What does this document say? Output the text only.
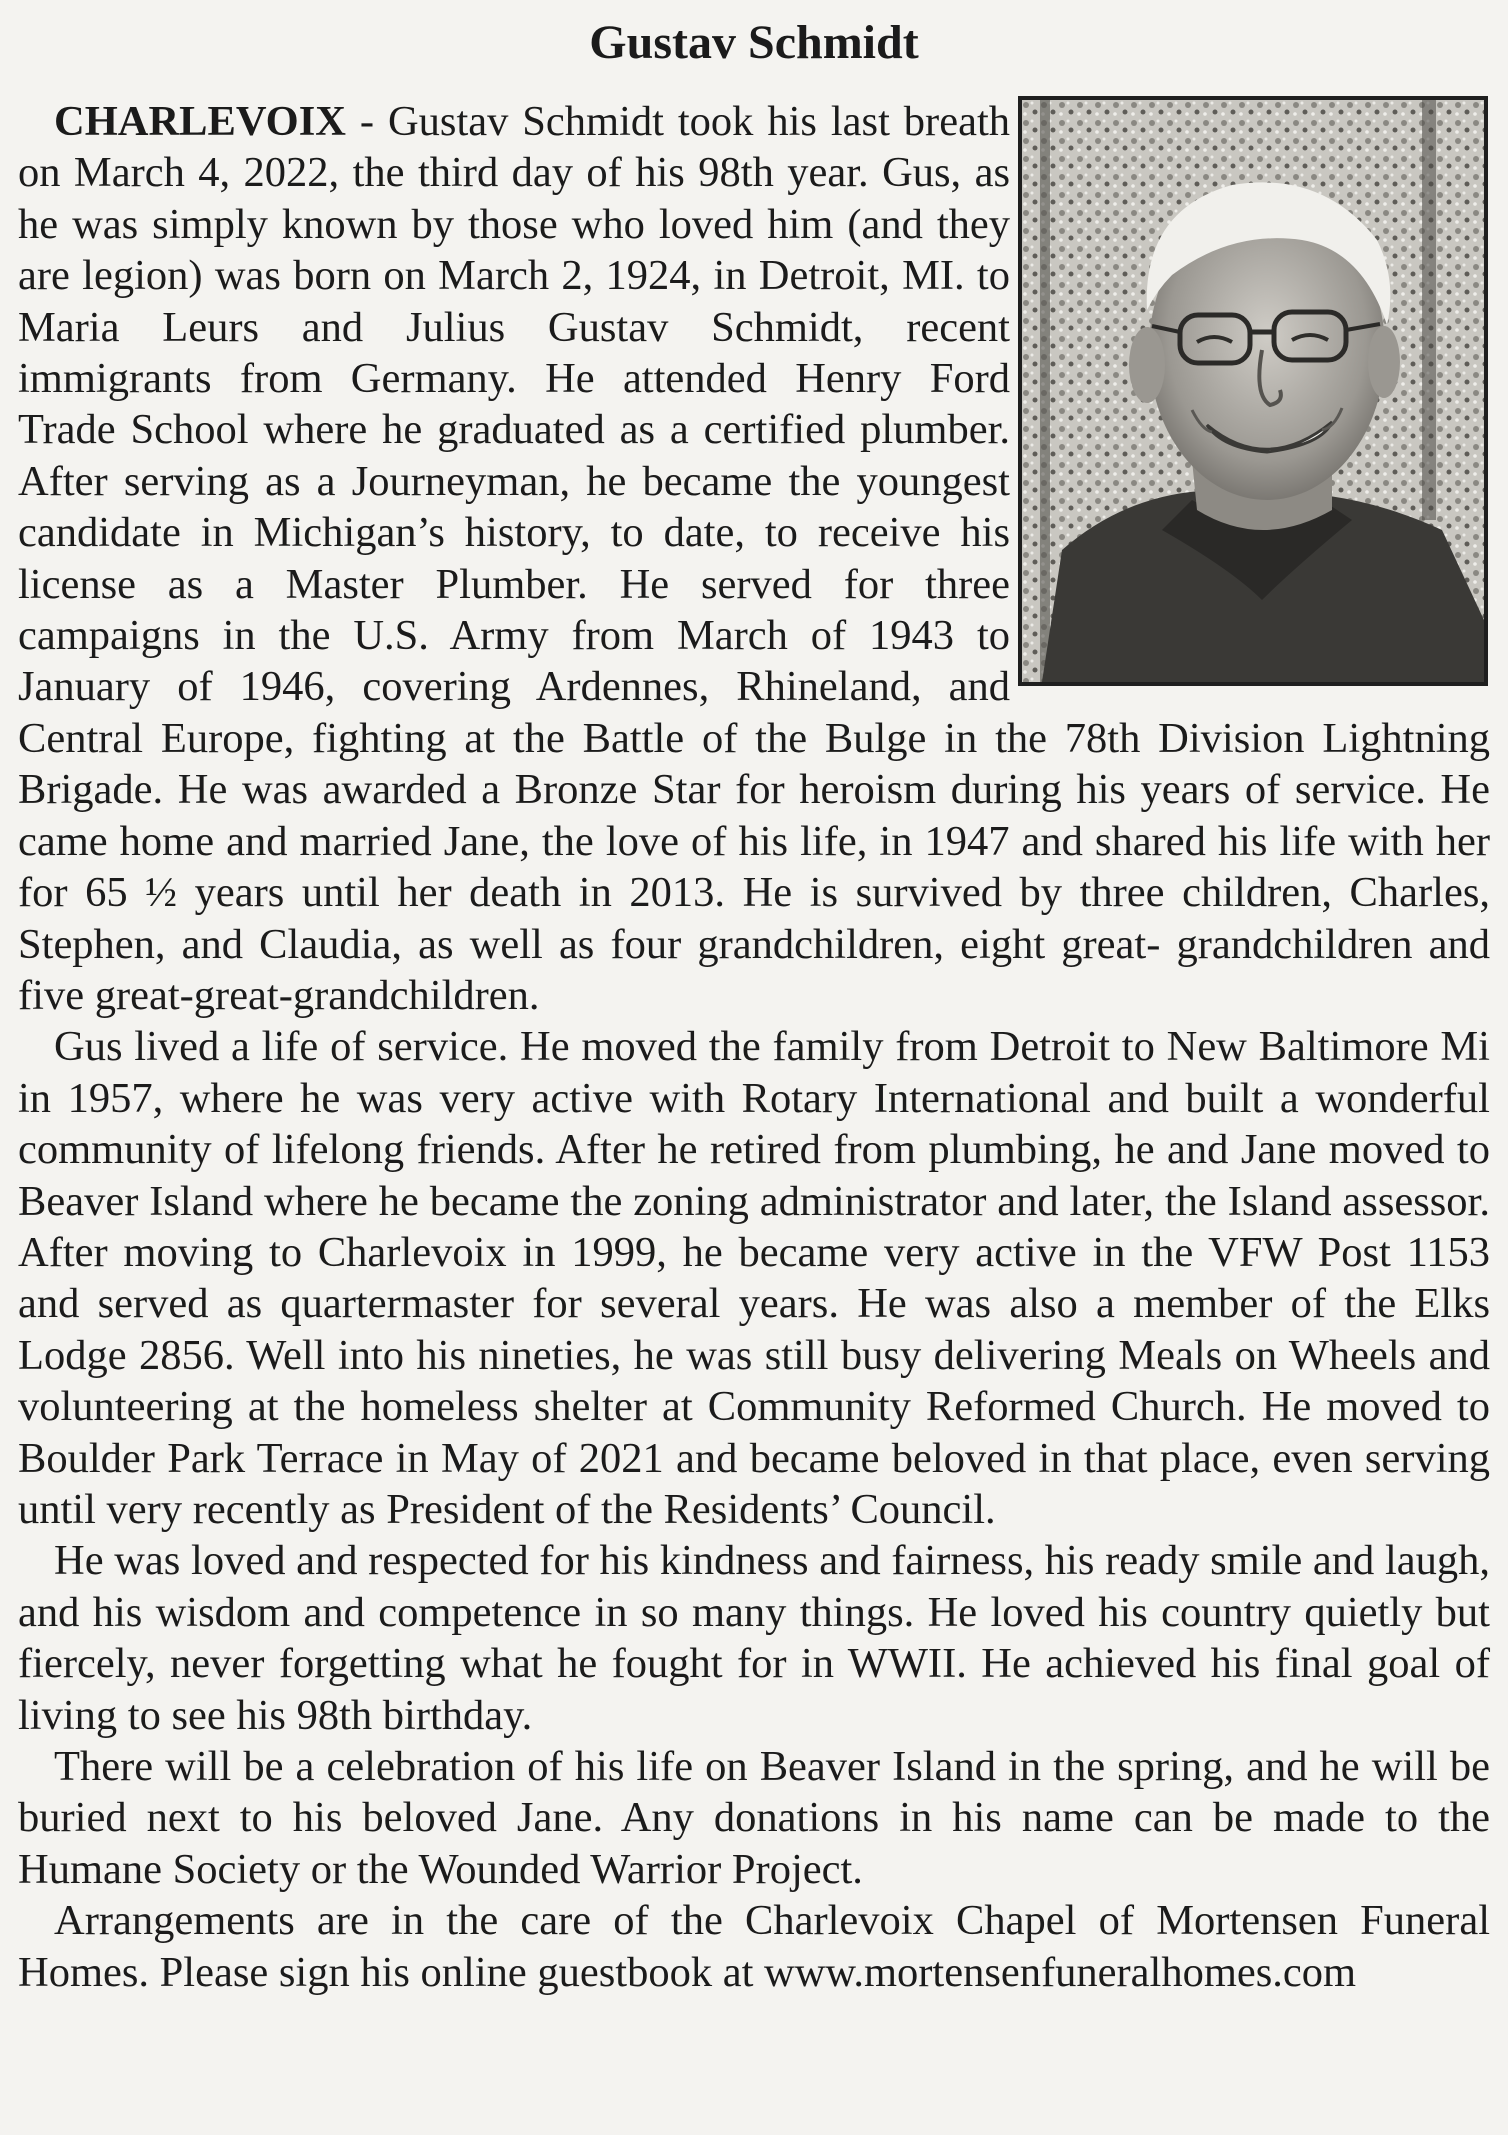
Gustav Schmidt

CHARLEVOIX - Gustav Schmidt took his last breath on March 4, 2022, the third day of his 98th year. Gus, as he was simply known by those who loved him (and they are legion) was born on March 2, 1924, in Detroit, MI. to Maria Leurs and Julius Gustav Schmidt, recent immigrants from Germany. He attended Henry Ford Trade School where he graduated as a certified plumber. After serving as a Journeyman, he became the youngest candidate in Michigan’s history, to date, to receive his license as a Master Plumber. He served for three campaigns in the U.S. Army from March of 1943 to January of 1946, covering Ardennes, Rhineland, and Central Europe, fighting at the Battle of the Bulge in the 78th Division Lightning Brigade. He was awarded a Bronze Star for heroism during his years of service. He came home and married Jane, the love of his life, in 1947 and shared his life with her for 65 ½ years until her death in 2013. He is survived by three children, Charles, Stephen, and Claudia, as well as four grandchildren, eight great- grandchildren and five great-great-grandchildren.

Gus lived a life of service. He moved the family from Detroit to New Baltimore Mi in 1957, where he was very active with Rotary International and built a wonderful community of lifelong friends. After he retired from plumbing, he and Jane moved to Beaver Island where he became the zoning administrator and later, the Island assessor. After moving to Charlevoix in 1999, he became very active in the VFW Post 1153 and served as quartermaster for several years. He was also a member of the Elks Lodge 2856. Well into his nineties, he was still busy delivering Meals on Wheels and volunteering at the homeless shelter at Community Reformed Church. He moved to Boulder Park Terrace in May of 2021 and became beloved in that place, even serving until very recently as President of the Residents’ Council.

He was loved and respected for his kindness and fairness, his ready smile and laugh, and his wisdom and competence in so many things. He loved his country quietly but fiercely, never forgetting what he fought for in WWII. He achieved his final goal of living to see his 98th birthday.

There will be a celebration of his life on Beaver Island in the spring, and he will be buried next to his beloved Jane. Any donations in his name can be made to the Humane Society or the Wounded Warrior Project.

Arrangements are in the care of the Charlevoix Chapel of Mortensen Funeral Homes. Please sign his online guestbook at www.mortensenfuneralhomes.com
